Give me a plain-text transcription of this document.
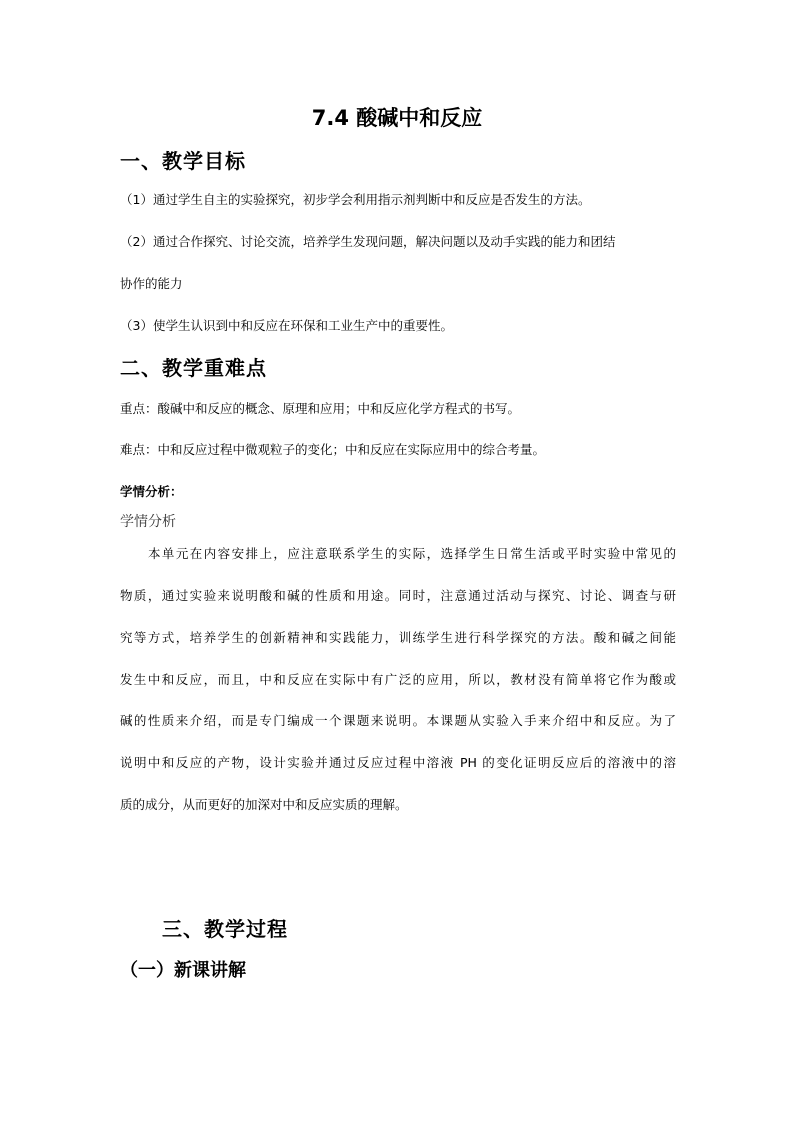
7.4 酸碱中和反应
一、教学目标
（1）通过学生自主的实验探究，初步学会利用指示剂判断中和反应是否发生的方法。
（2）通过合作探究、讨论交流，培养学生发现问题，解决问题以及动手实践的能力和团结
协作的能力
（3）使学生认识到中和反应在环保和工业生产中的重要性。
二、教学重难点
重点：酸碱中和反应的概念、原理和应用；中和反应化学方程式的书写。
难点：中和反应过程中微观粒子的变化；中和反应在实际应用中的综合考量。
学情分析：
学情分析
本单元在内容安排上，应注意联系学生的实际，选择学生日常生活或平时实验中常见的
物质，通过实验来说明酸和碱的性质和用途。同时，注意通过活动与探究、讨论、调查与研
究等方式，培养学生的创新精神和实践能力，训练学生进行科学探究的方法。酸和碱之间能
发生中和反应，而且，中和反应在实际中有广泛的应用，所以，教材没有简单将它作为酸或
碱的性质来介绍，而是专门编成一个课题来说明。本课题从实验入手来介绍中和反应。为了
说明中和反应的产物，设计实验并通过反应过程中溶液 PH 的变化证明反应后的溶液中的溶
质的成分，从而更好的加深对中和反应实质的理解。
三、教学过程
（一）新课讲解
